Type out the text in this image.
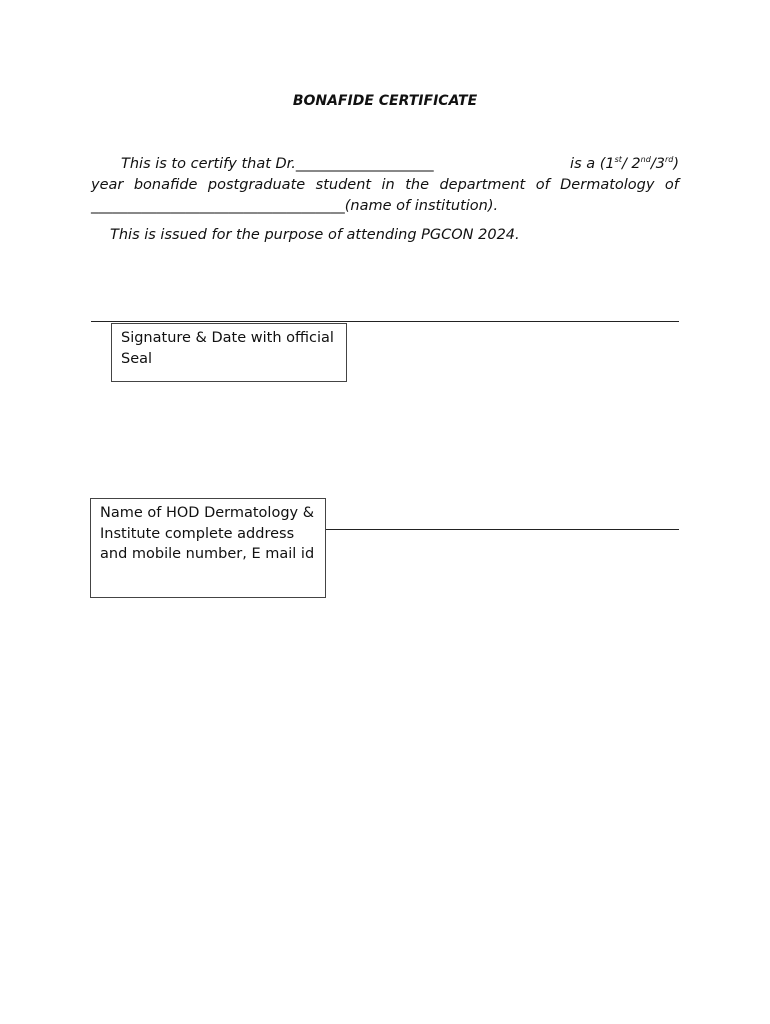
BONAFIDE CERTIFICATE
This is to certify that Dr.___________________	is a (1st/ 2nd/3rd)
year bonafide postgraduate student in the department of Dermatology of
___________________________________(name of institution).

This is issued for the purpose of attending PGCON 2024.

Signature & Date with official Seal
Name of HOD Dermatology & Institute complete address and mobile number, E mail id
